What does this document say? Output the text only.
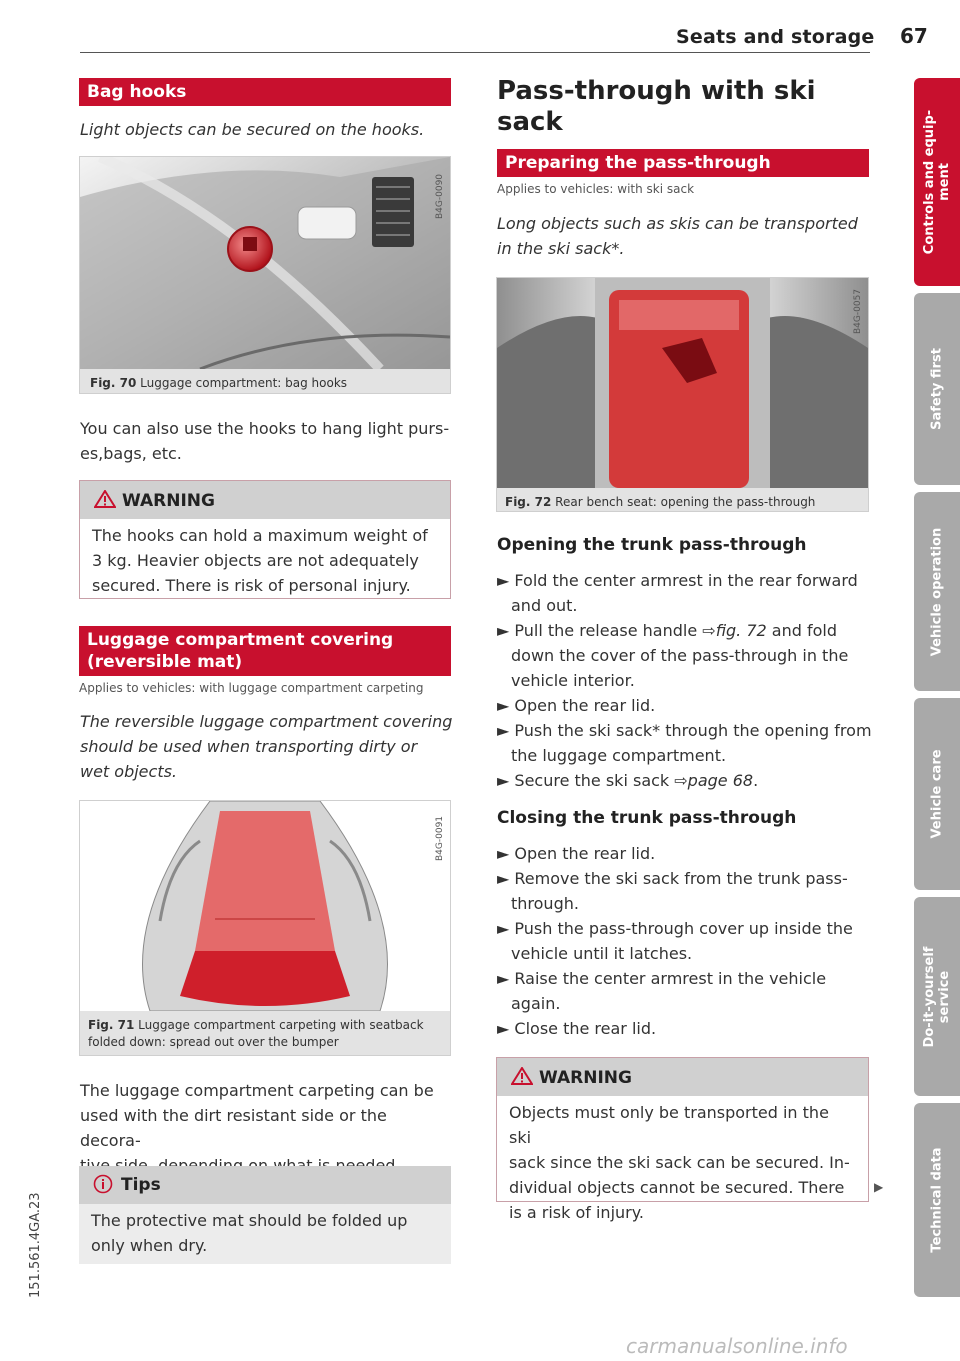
Seats and storage 67
Bag hooks
Light objects can be secured on the hooks.
B4G-0090
Fig. 70 Luggage compartment: bag hooks
You can also use the hooks to hang light purs-
es,bags, etc.
WARNING
The hooks can hold a maximum weight of
3 kg. Heavier objects are not adequately
secured. There is risk of personal injury.
Luggage compartment covering
(reversible mat)
Applies to vehicles: with luggage compartment carpeting
The reversible luggage compartment covering
should be used when transporting dirty or
wet objects.
B4G-0091
Fig. 71 Luggage compartment carpeting with seatback
folded down: spread out over the bumper
The luggage compartment carpeting can be
used with the dirt resistant side or the decora-
Tips
The protective mat should be folded up
only when dry.
Pass-through with ski
sack
Preparing the pass-through
Applies to vehicles: with ski sack
Long objects such as skis can be transported
in the ski sack*.
B4G-0057
Fig. 72 Rear bench seat: opening the pass-through
Opening the trunk pass-through
► Fold the center armrest in the rear forward
and out.
► Pull the release handle ⇨fig. 72 and fold
down the cover of the pass-through in the
vehicle interior.
► Open the rear lid.
► Push the ski sack* through the opening from
the luggage compartment.
► Secure the ski sack ⇨page 68.
Closing the trunk pass-through
► Open the rear lid.
► Remove the ski sack from the trunk pass-
through.
► Push the pass-through cover up inside the
vehicle until it latches.
► Raise the center armrest in the vehicle
again.
► Close the rear lid.
WARNING
Objects must only be transported in the ski
sack since the ski sack can be secured. In-
dividual objects cannot be secured. There
is a risk of injury.
▶
Controls and equip-
ment
Safety first
Vehicle operation
Vehicle care
Do-it-yourself
service
Technical data
151.561.4GA.23
carmanualsonline.info
